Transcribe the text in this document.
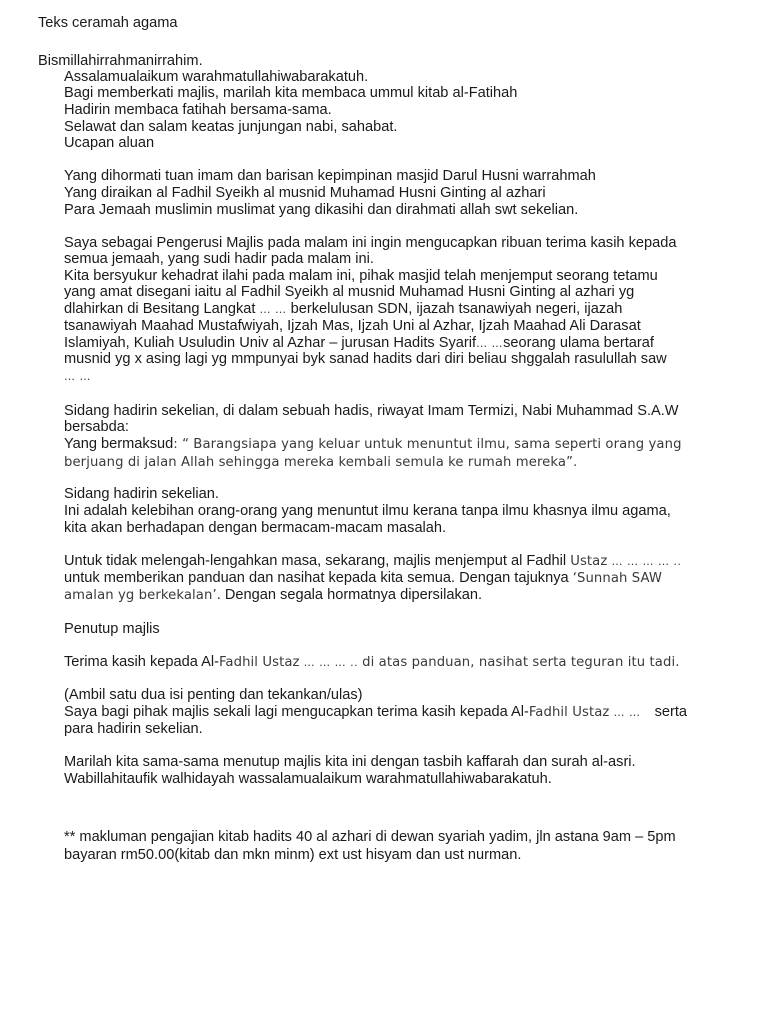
Teks ceramah agama
Bismillahirrahmanirrahim.
Assalamualaikum warahmatullahiwabarakatuh.
Bagi memberkati majlis, marilah kita membaca ummul kitab al-Fatihah
Hadirin membaca fatihah bersama-sama.
Selawat dan salam keatas junjungan nabi, sahabat.
Ucapan aluan
Yang dihormati tuan imam dan barisan kepimpinan masjid Darul Husni warrahmah
Yang diraikan al Fadhil Syeikh al musnid Muhamad Husni Ginting al azhari
Para Jemaah muslimin muslimat yang dikasihi dan dirahmati allah swt sekelian.
Saya sebagai Pengerusi Majlis pada malam ini ingin mengucapkan ribuan terima kasih kepada
semua jemaah, yang sudi hadir pada malam ini.
Kita bersyukur kehadrat ilahi pada malam ini, pihak masjid telah menjemput seorang tetamu
yang amat disegani iaitu al Fadhil Syeikh al musnid Muhamad Husni Ginting al azhari yg
dlahirkan di Besitang Langkat … … berkelulusan SDN, ijazah tsanawiyah negeri, ijazah
tsanawiyah Maahad Mustafwiyah, Ijzah Mas, Ijzah Uni al Azhar, Ijzah Maahad Ali Darasat
Islamiyah, Kuliah Usuludin Univ al Azhar – jurusan Hadits Syarif… …seorang ulama bertaraf
musnid yg x asing lagi yg mmpunyai byk sanad hadits dari diri beliau shggalah rasulullah saw
… …
Sidang hadirin sekelian, di dalam sebuah hadis, riwayat Imam Termizi, Nabi Muhammad S.A.W
bersabda:
Yang bermaksud: “ Barangsiapa yang keluar untuk menuntut ilmu, sama seperti orang yang
berjuang di jalan Allah sehingga mereka kembali semula ke rumah mereka”.
Sidang hadirin sekelian.
Ini adalah kelebihan orang-orang yang menuntut ilmu kerana tanpa ilmu khasnya ilmu agama,
kita akan berhadapan dengan bermacam-macam masalah.
Untuk tidak melengah-lengahkan masa, sekarang, majlis menjemput al Fadhil Ustaz … … … … ..
untuk memberikan panduan dan nasihat kepada kita semua. Dengan tajuknya ‘Sunnah SAW
amalan yg berkekalan’. Dengan segala hormatnya dipersilakan.
Penutup majlis
Terima kasih kepada Al-Fadhil Ustaz … … … .. di atas panduan, nasihat serta teguran itu tadi.
(Ambil satu dua isi penting dan tekankan/ulas)
Saya bagi pihak majlis sekali lagi mengucapkan terima kasih kepada Al-Fadhil Ustaz … … serta
para hadirin sekelian.
Marilah kita sama-sama menutup majlis kita ini dengan tasbih kaffarah dan surah al-asri.
Wabillahitaufik walhidayah wassalamualaikum warahmatullahiwabarakatuh.
** makluman pengajian kitab hadits 40 al azhari di dewan syariah yadim, jln astana 9am – 5pm
bayaran rm50.00(kitab dan mkn minm) ext ust hisyam dan ust nurman.
